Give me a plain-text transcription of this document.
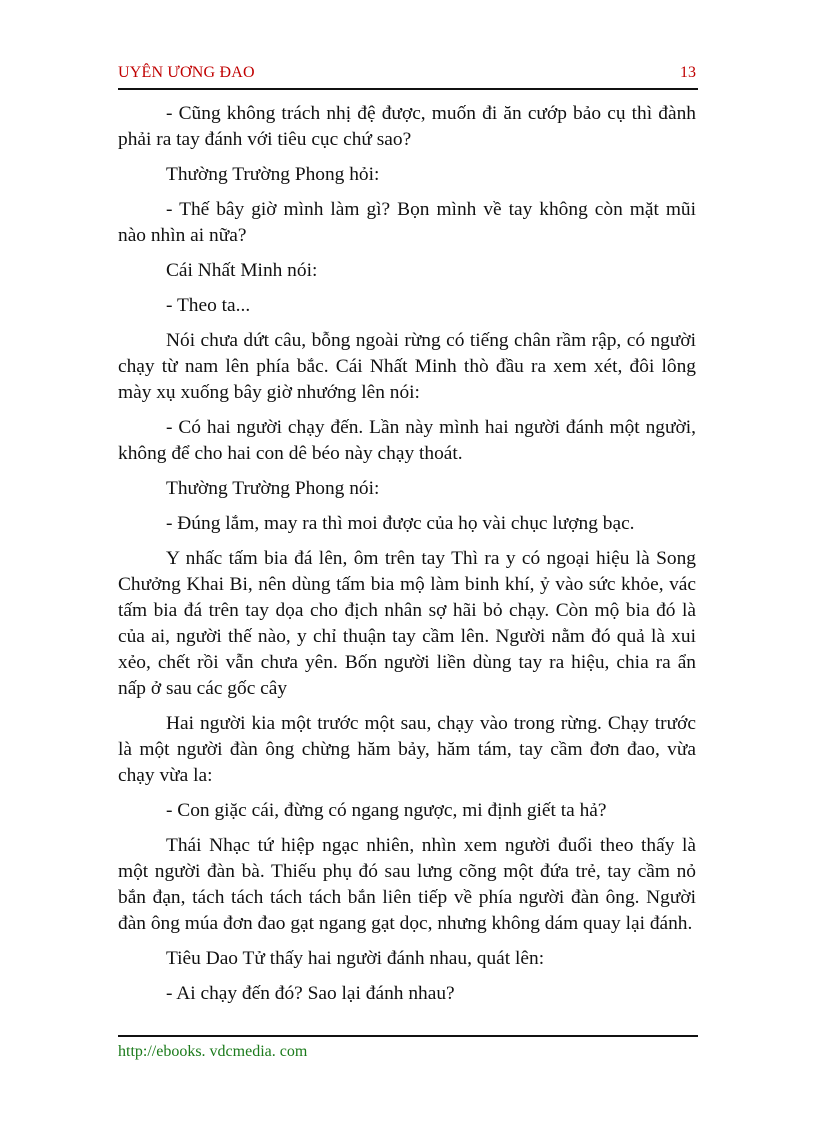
UYÊN ƯƠNG ĐAO	13

- Cũng không trách nhị đệ được, muốn đi ăn cướp bảo cụ thì đành phải ra tay đánh với tiêu cục chứ sao?

Thường Trường Phong hỏi:

- Thế bây giờ mình làm gì? Bọn mình về tay không còn mặt mũi nào nhìn ai nữa?

Cái Nhất Minh nói:

- Theo ta...

Nói chưa dứt câu, bỗng ngoài rừng có tiếng chân rầm rập, có người chạy từ nam lên phía bắc. Cái Nhất Minh thò đầu ra xem xét, đôi lông mày xụ xuống bây giờ nhướng lên nói:

- Có hai người chạy đến. Lần này mình hai người đánh một người, không để cho hai con dê béo này chạy thoát.

Thường Trường Phong nói:

- Đúng lắm, may ra thì moi được của họ vài chục lượng bạc.

Y nhấc tấm bia đá lên, ôm trên tay Thì ra y có ngoại hiệu là Song Chưởng Khai Bi, nên dùng tấm bia mộ làm binh khí, ỷ vào sức khỏe, vác tấm bia đá trên tay dọa cho địch nhân sợ hãi bỏ chạy. Còn mộ bia đó là của ai, người thế nào, y chỉ thuận tay cầm lên. Người nằm đó quả là xui xẻo, chết rồi vẫn chưa yên. Bốn người liền dùng tay ra hiệu, chia ra ẩn nấp ở sau các gốc cây

Hai người kia một trước một sau, chạy vào trong rừng. Chạy trước là một người đàn ông chừng hăm bảy, hăm tám, tay cầm đơn đao, vừa chạy vừa la:

- Con giặc cái, đừng có ngang ngược, mi định giết ta hả?

Thái Nhạc tứ hiệp ngạc nhiên, nhìn xem người đuổi theo thấy là một người đàn bà. Thiếu phụ đó sau lưng cõng một đứa trẻ, tay cầm nỏ bắn đạn, tách tách tách tách bắn liên tiếp về phía người đàn ông. Người đàn ông múa đơn đao gạt ngang gạt dọc, nhưng không dám quay lại đánh.

Tiêu Dao Tử thấy hai người đánh nhau, quát lên:

- Ai chạy đến đó? Sao lại đánh nhau?

http://ebooks. vdcmedia. com
